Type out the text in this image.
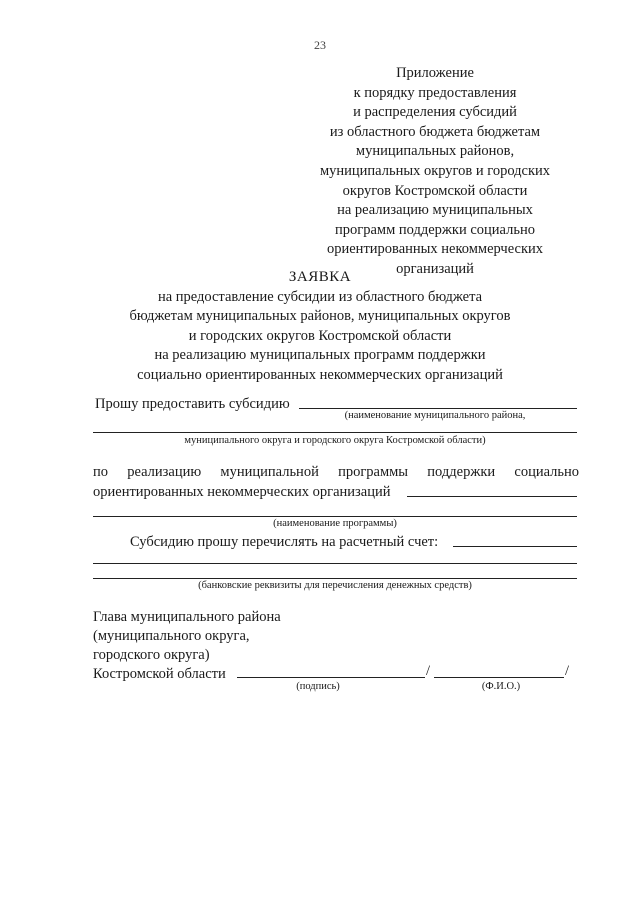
23
Приложение
к порядку предоставления
и распределения субсидий
из областного бюджета бюджетам
муниципальных районов,
муниципальных округов и городских
округов Костромской области
на реализацию муниципальных
программ поддержки социально
ориентированных некоммерческих
организаций
ЗАЯВКА
на предоставление субсидии из областного бюджета
бюджетам муниципальных районов, муниципальных округов
и городских округов Костромской области
на реализацию муниципальных программ поддержки
социально ориентированных некоммерческих организаций
Прошу предоставить субсидию
(наименование муниципального района,
муниципального округа и городского округа Костромской области)
по реализацию муниципальной программы поддержки социально
ориентированных некоммерческих организаций
(наименование программы)
Субсидию прошу перечислять на расчетный счет:
(банковские реквизиты для перечисления денежных средств)
Глава муниципального района
(муниципального округа,
городского округа)
Костромской области	/	/
(подпись)	(Ф.И.О.)
